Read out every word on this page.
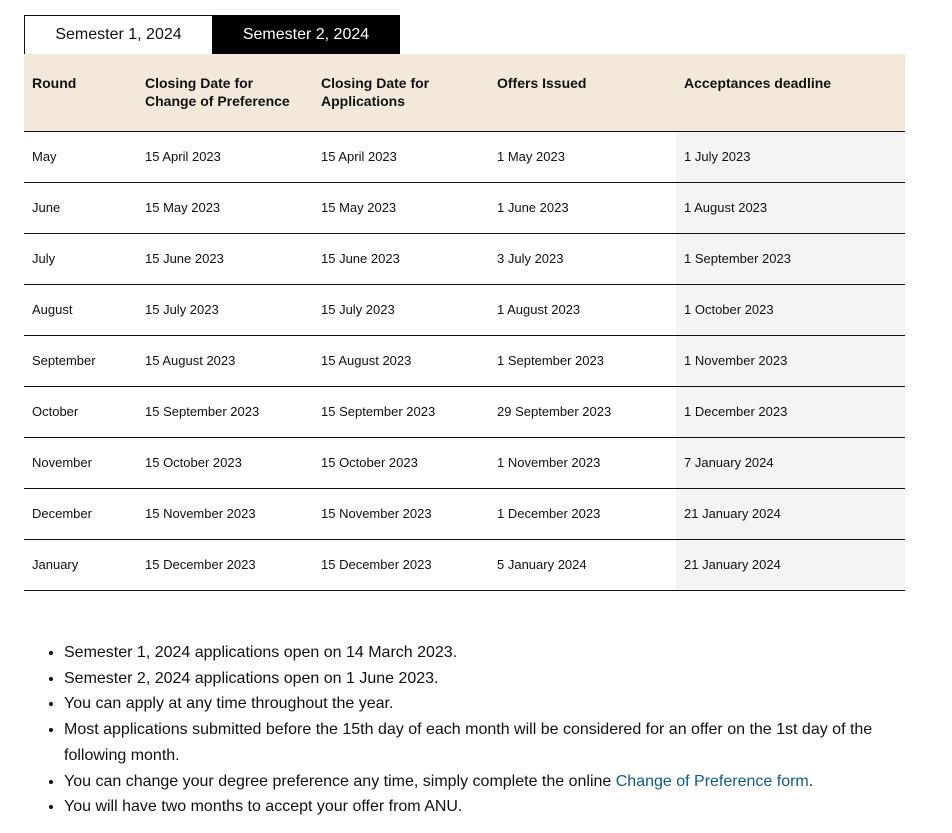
Semester 1, 2024	Semester 2, 2024
Round	Closing Date for Change of Preference	Closing Date for Applications	Offers Issued	Acceptances deadline
May	15 April 2023	15 April 2023	1 May 2023	1 July 2023
June	15 May 2023	15 May 2023	1 June 2023	1 August 2023
July	15 June 2023	15 June 2023	3 July 2023	1 September 2023
August	15 July 2023	15 July 2023	1 August 2023	1 October 2023
September	15 August 2023	15 August 2023	1 September 2023	1 November 2023
October	15 September 2023	15 September 2023	29 September 2023	1 December 2023
November	15 October 2023	15 October 2023	1 November 2023	7 January 2024
December	15 November 2023	15 November 2023	1 December 2023	21 January 2024
January	15 December 2023	15 December 2023	5 January 2024	21 January 2024
• Semester 1, 2024 applications open on 14 March 2023.
• Semester 2, 2024 applications open on 1 June 2023.
• You can apply at any time throughout the year.
• Most applications submitted before the 15th day of each month will be considered for an offer on the 1st day of the following month.
• You can change your degree preference any time, simply complete the online Change of Preference form.
• You will have two months to accept your offer from ANU.
